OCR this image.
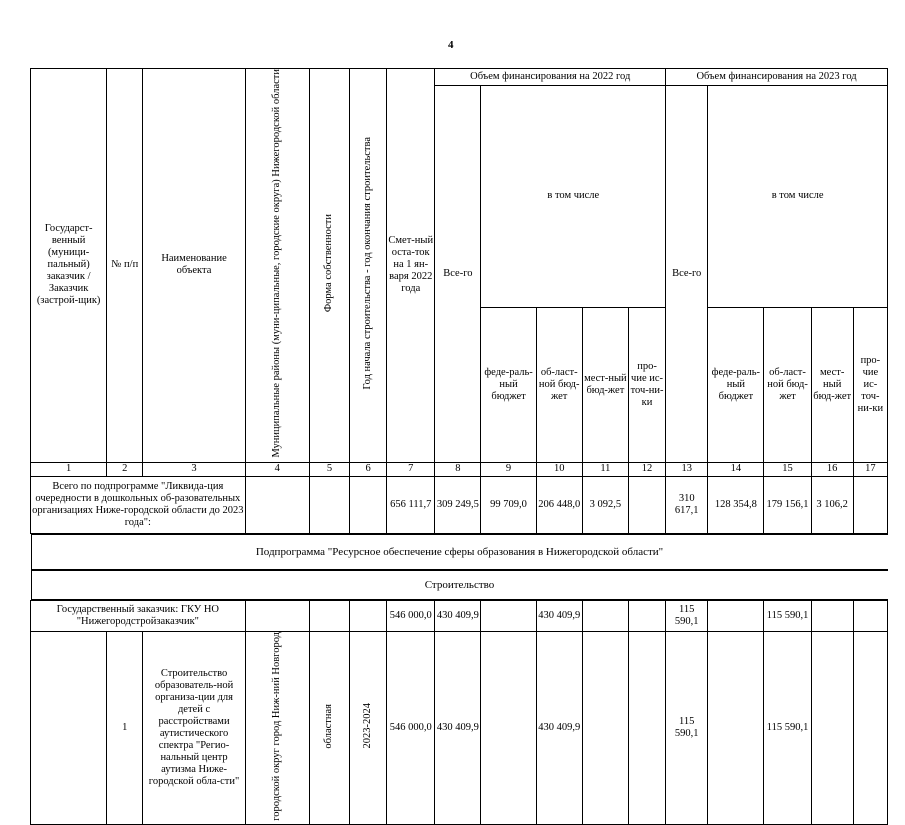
4
Государст-венный (муници-пальный) заказчик / Заказчик (застрой-щик)	№ п/п	Наименование объекта	Муниципальные районы (муни-ципальные, городские округа) Нижегородской области	Форма собственности	Год начала строительства - год окончания строительства	Смет-ный оста-ток на 1 ян-варя 2022 года	Объем финансирования на 2022 год					Объем финансирования на 2023 год				
							Все-го	в том числе				Все-го	в том числе			
								феде-раль-ный бюджет	об-ласт-ной бюд-жет	мест-ный бюд-жет	про-чие ис-точ-ни-ки		феде-раль-ный бюджет	об-ласт-ной бюд-жет	мест-ный бюд-жет	про-чие ис-точ-ни-ки
1	2	3	4	5	6	7	8	9	10	11	12	13	14	15	16	17
Всего по подпрограмме "Ликвида-ция очередности в дошкольных об-разовательных организациях Ниже-городской области до 2023 года":						656 111,7	309 249,5	99 709,0	206 448,0	3 092,5		310 617,1	128 354,8	179 156,1	3 106,2	

Подпрограмма "Ресурсное обеспечение сферы образования в Нижегородской области"																

Строительство																

Государственный заказчик: ГКУ НО "Нижегородстройзаказчик"						546 000,0	430 409,9		430 409,9			115 590,1		115 590,1		
	1	Строительство образователь-ной организа-ции для детей с расстройствами аутистического спектра "Регио-нальный центр аутизма Ниже-городской обла-сти"	городской округ город Ниж-ний Новгород	областная	2023-2024	546 000,0	430 409,9		430 409,9			115 590,1		115 590,1		
